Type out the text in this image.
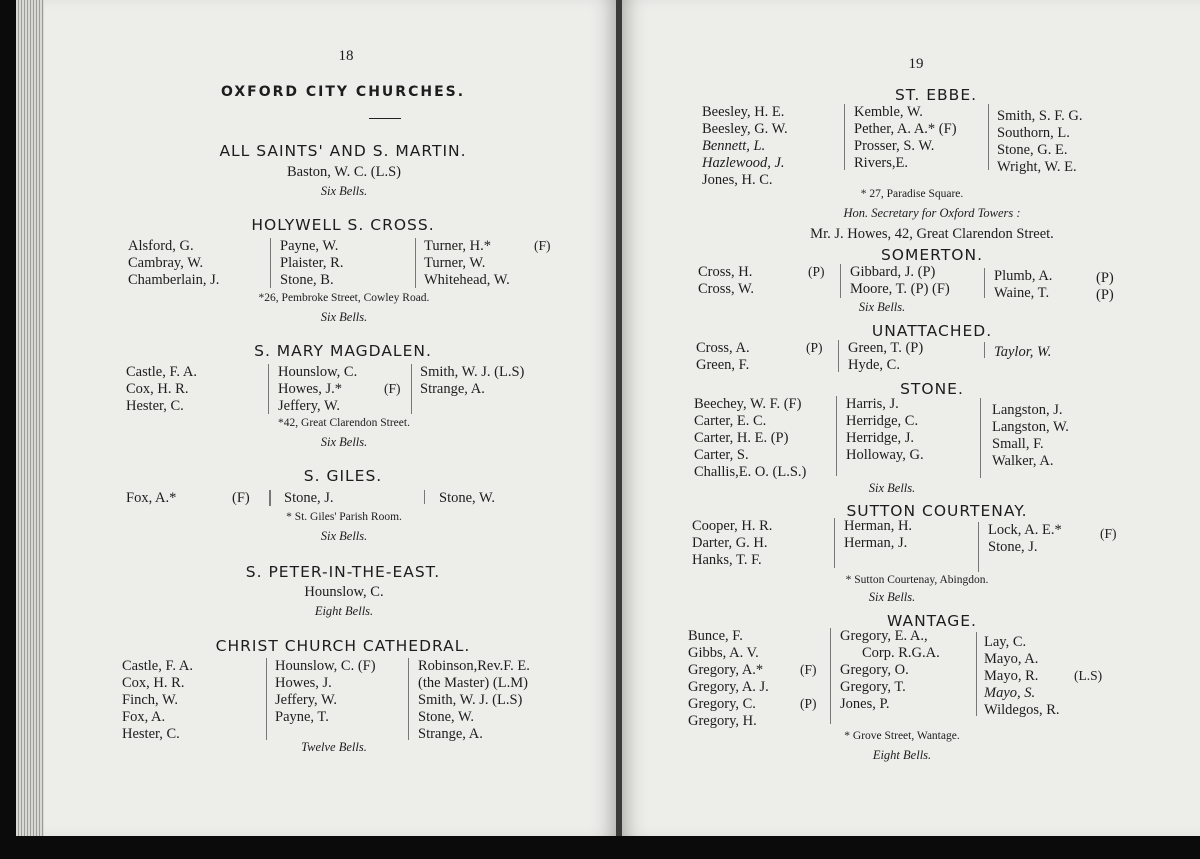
18
OXFORD CITY CHURCHES.
ALL SAINTS' AND S. MARTIN.
Baston, W. C. (L.S)
Six Bells.
HOLYWELL S. CROSS.
Alsford, G.
Cambray, W.
Chamberlain, J.
Payne, W.
Plaister, R.
Stone, B.
Turner, H.*
Turner, W.
Whitehead, W.
(F)
*26, Pembroke Street, Cowley Road.
Six Bells.
S. MARY MAGDALEN.
Castle, F. A.
Cox, H. R.
Hester, C.
Hounslow, C.
Howes, J.*
Jeffery, W.
(F)
Smith, W. J. (L.S)
Strange, A.
*42, Great Clarendon Street.
Six Bells.
S. GILES.
Fox, A.*	(F) Stone, J.	Stone, W.
* St. Giles' Parish Room.
Six Bells.
S. PETER-IN-THE-EAST.
Hounslow, C.
Eight Bells.
CHRIST CHURCH CATHEDRAL.
Castle, F. A.
Cox, H. R.
Finch, W.
Fox, A.
Hester, C.
Hounslow, C. (F)
Howes, J.
Jeffery, W.
Payne, T.
Robinson,Rev.F. E.
(the Master) (L.M)
Smith, W. J. (L.S)
Stone, W.
Strange, A.
Twelve Bells.
19
ST. EBBE.
Beesley, H. E.
Beesley, G. W.
Bennett, L.
Hazlewood, J.
Jones, H. C.
Kemble, W.
Pether, A. A.* (F)
Prosser, S. W.
Rivers,E.
Smith, S. F. G.
Southorn, L.
Stone, G. E.
Wright, W. E.
* 27, Paradise Square.
Hon. Secretary for Oxford Towers :
Mr. J. Howes, 42, Great Clarendon Street.
SOMERTON.
Cross, H.
Cross, W.
(P) Gibbard, J. (P)
Moore, T. (P) (F)
Plumb, A.
Waine, T.
(P)
(P)
Six Bells.
UNATTACHED.
Cross, A.
Green, F.
(P) Green, T. (P)
Hyde, C.
Taylor, W.
STONE.
Beechey, W. F. (F)
Carter, E. C.
Carter, H. E. (P)
Carter, S.
Challis,E. O. (L.S.)
Harris, J.
Herridge, C.
Herridge, J.
Holloway, G.
Langston, J.
Langston, W.
Small, F.
Walker, A.
Six Bells.
SUTTON COURTENAY.
Cooper, H. R.
Darter, G. H.
Hanks, T. F.
Herman, H.
Herman, J.
Lock, A. E.*
Stone, J.
(F)
* Sutton Courtenay, Abingdon.
Six Bells.
WANTAGE.
Bunce, F.
Gibbs, A. V.
Gregory, A.*
Gregory, A. J.
Gregory, C.
Gregory, H.
(F)
(P)
Gregory, E. A.,
Corp. R.G.A.
Gregory, O.
Gregory, T.
Jones, P.
Lay, C.
Mayo, A.
Mayo, R.
Mayo, S.
Wildegos, R.
(L.S)
* Grove Street, Wantage.
Eight Bells.
